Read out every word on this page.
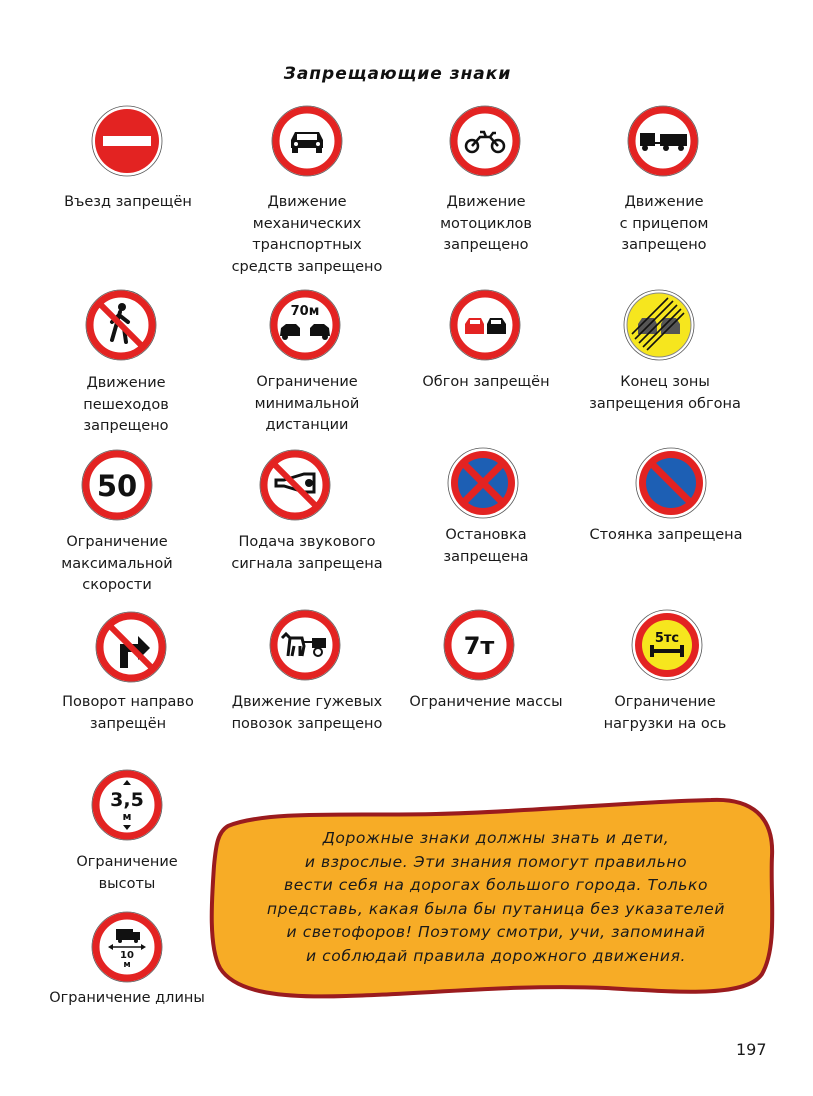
Запрещающие знаки
Въезд запрещён	Движение
механических
транспортных
средств запрещено
Движение
мотоциклов
запрещено
Движение
с прицепом
запрещено
Движение
пешеходов
запрещено
70м
Ограничение
минимальной
дистанции
Обгон запрещён	Конец зоны
запрещения обгона
50
Ограничение
максимальной
скорости
Подача звукового
сигнала запрещена
Остановка
запрещена
Стоянка запрещена
Поворот направо
запрещён
Движение гужевых
повозок запрещено
7т
Ограничение массы
5тс
Ограничение
нагрузки на ось
3,5
м
Ограничение
высоты
10
м
Ограничение длины
Дорожные знаки должны знать и дети,
и взрослые. Эти знания помогут правильно
вести себя на дорогах большого города. Только
представь, какая была бы путаница без указателей
и светофоров! Поэтому смотри, учи, запоминай
и соблюдай правила дорожного движения.
197
